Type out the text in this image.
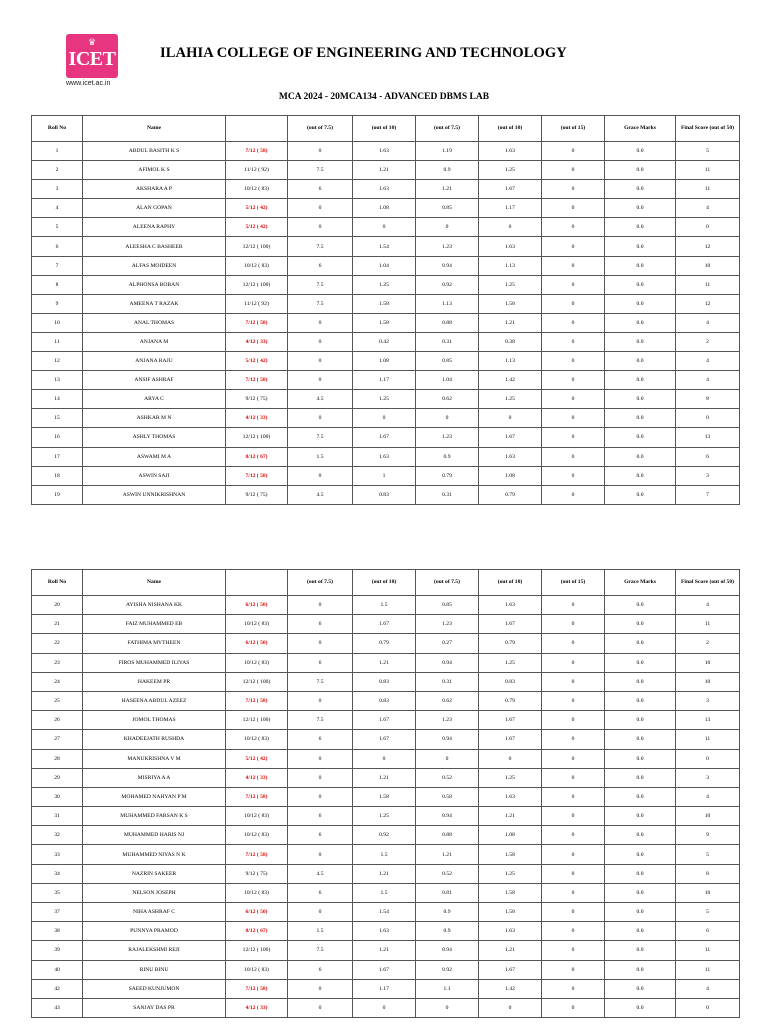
♛
ICET
www.icet.ac.in
ILAHIA COLLEGE OF ENGINEERING AND TECHNOLOGY
MCA 2024 - 20MCA134 - ADVANCED DBMS LAB
Roll No	Name		(out of 7.5)	(out of 10)	(out of 7.5)	(out of 10)	(out of 15)	Grace Marks	Final Score (out of 50)
1	ABDUL BASITH K S	7/12 ( 58)	0	1.63	1.19	1.63	0	0.0	5
2	AFIMOL K S	11/12 ( 92)	7.5	1.21	0.9	1.25	0	0.0	11
3	AKSHARA A P	10/12 ( 83)	6	1.63	1.21	1.67	0	0.0	11
4	ALAN GOPAN	5/12 ( 42)	0	1.08	0.85	1.17	0	0.0	4
5	ALEENA RAPHY	5/12 ( 42)	0	0	0	0	0	0.0	0
6	ALEESHA C BASHEER	12/12 ( 100)	7.5	1.54	1.23	1.63	0	0.0	12
7	ALFAS MOIDEEN	10/12 ( 83)	6	1.04	0.94	1.13	0	0.0	10
8	ALPHONSA BOBAN	12/12 ( 100)	7.5	1.25	0.92	1.25	0	0.0	11
9	AMEENA T RAZAK	11/12 ( 92)	7.5	1.58	1.13	1.58	0	0.0	12
10	ANAL THOMAS	7/12 ( 58)	0	1.58	0.88	1.21	0	0.0	4
11	ANJANA M	4/12 ( 33)	0	0.42	0.31	0.38	0	0.0	2
12	ANJANA RAJU	5/12 ( 42)	0	1.08	0.85	1.13	0	0.0	4
13	ANSIF ASHRAF	7/12 ( 58)	0	1.17	1.04	1.42	0	0.0	4
14	ARYA C	9/12 ( 75)	4.5	1.25	0.62	1.25	0	0.0	8
15	ASHKAR M N	4/12 ( 33)	0	0	0	0	0	0.0	0
16	ASHLY THOMAS	12/12 ( 100)	7.5	1.67	1.23	1.67	0	0.0	13
17	ASWAMI M A	8/12 ( 67)	1.5	1.63	0.9	1.63	0	0.0	6
18	ASWIN SAJI	7/12 ( 58)	0	1	0.79	1.08	0	0.0	3
19	ASWIN UNNIKRISHNAN	9/12 ( 75)	4.5	0.83	0.31	0.79	0	0.0	7
Roll No	Name		(out of 7.5)	(out of 10)	(out of 7.5)	(out of 10)	(out of 15)	Grace Marks	Final Score (out of 50)
20	AYISHA NISHANA KK	6/12 ( 50)	0	1.5	0.85	1.63	0	0.0	4
21	FAIZ MUHAMMED EB	10/12 ( 83)	6	1.67	1.23	1.67	0	0.0	11
22	FATHIMA MYTHEEN	6/12 ( 50)	0	0.79	0.27	0.79	0	0.0	2
23	FIROS MUHAMMED ILIYAS	10/12 ( 83)	6	1.21	0.94	1.25	0	0.0	10
24	HAKEEM PR	12/12 ( 100)	7.5	0.83	0.31	0.83	0	0.0	10
25	HASEENA ABDUL AZEEZ	7/12 ( 58)	0	0.83	0.62	0.79	0	0.0	3
26	JOMOL THOMAS	12/12 ( 100)	7.5	1.67	1.23	1.67	0	0.0	13
27	KHADEEJATH RUSHDA	10/12 ( 83)	6	1.67	0.94	1.67	0	0.0	11
28	MANUKRISHNA V M	5/12 ( 42)	0	0	0	0	0	0.0	0
29	MISRIYA A A	4/12 ( 33)	0	1.21	0.52	1.25	0	0.0	3
30	MOHAMED NAHYAN P M	7/12 ( 58)	0	1.58	0.58	1.63	0	0.0	4
31	MUHAMMED FARSAN K S	10/12 ( 83)	6	1.25	0.94	1.21	0	0.0	10
32	MUHAMMED HARIS NJ	10/12 ( 83)	6	0.92	0.88	1.08	0	0.0	9
33	MUHAMMED NIYAS N K	7/12 ( 58)	0	1.5	1.21	1.58	0	0.0	5
34	NAZRIN SAKEER	9/12 ( 75)	4.5	1.21	0.52	1.25	0	0.0	8
35	NELSON JOSEPH	10/12 ( 83)	6	1.5	0.81	1.58	0	0.0	10
37	NIHA ASHRAF C	6/12 ( 50)	0	1.54	0.9	1.58	0	0.0	5
38	PUNNYA PRAMOD	8/12 ( 67)	1.5	1.63	0.9	1.63	0	0.0	6
39	RAJALEKSHMI REJI	12/12 ( 100)	7.5	1.21	0.94	1.21	0	0.0	11
40	RINU BINU	10/12 ( 83)	6	1.67	0.92	1.67	0	0.0	11
42	SAEED KUNJUMON	7/12 ( 58)	0	1.17	1.1	1.42	0	0.0	4
43	SANJAY DAS PR	4/12 ( 33)	0	0	0	0	0	0.0	0
